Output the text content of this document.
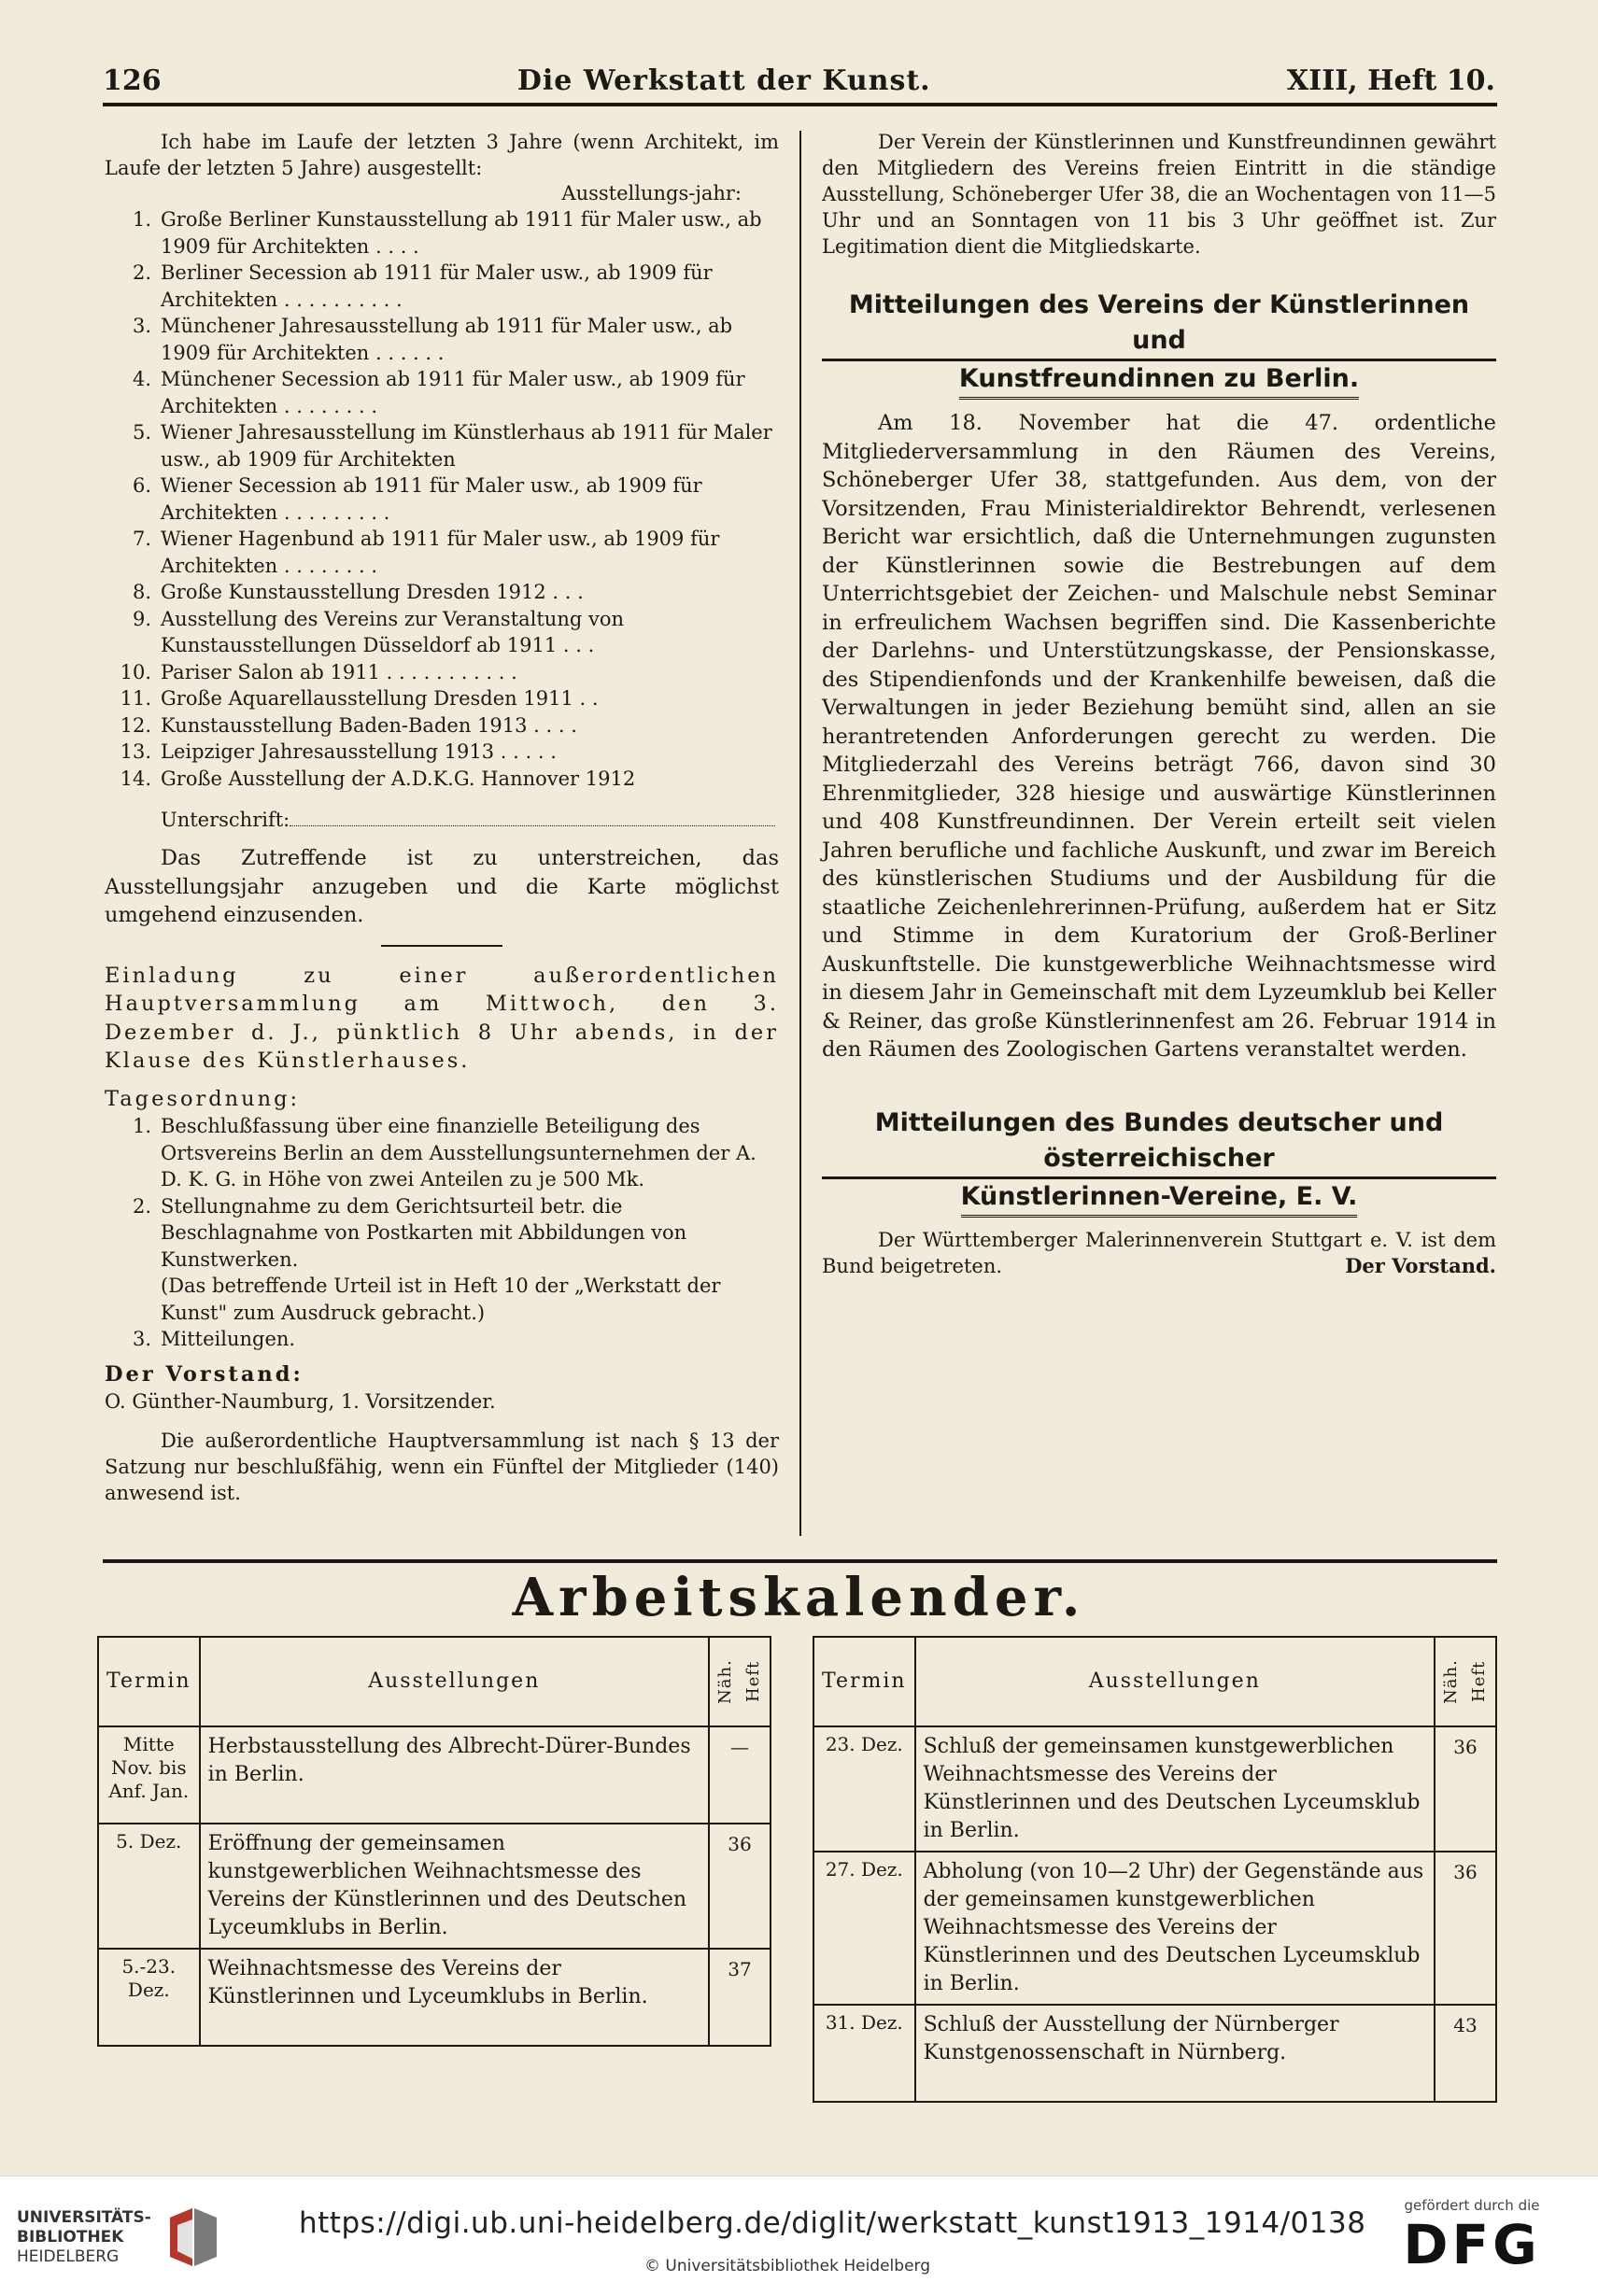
126	Die Werkstatt der Kunst.	XIII, Heft 10.

Ich habe im Laufe der letzten 3 Jahre (wenn Architekt, im Laufe der letzten 5 Jahre) ausgestellt:

Ausstellungs-jahr:
1. Große Berliner Kunstausstellung ab 1911 für Maler usw., ab 1909 für Architekten . . . .
2. Berliner Secession ab 1911 für Maler usw., ab 1909 für Architekten . . . . . . . . . .
3. Münchener Jahresausstellung ab 1911 für Maler usw., ab 1909 für Architekten . . . . . .
4. Münchener Secession ab 1911 für Maler usw., ab 1909 für Architekten . . . . . . . .
5. Wiener Jahresausstellung im Künstlerhaus ab 1911 für Maler usw., ab 1909 für Architekten
6. Wiener Secession ab 1911 für Maler usw., ab 1909 für Architekten . . . . . . . . .
7. Wiener Hagenbund ab 1911 für Maler usw., ab 1909 für Architekten . . . . . . . .
8. Große Kunstausstellung Dresden 1912 . . .
9. Ausstellung des Vereins zur Veranstaltung von Kunstausstellungen Düsseldorf ab 1911 . . .
10. Pariser Salon ab 1911 . . . . . . . . . . .
11. Große Aquarellausstellung Dresden 1911 . .
12. Kunstausstellung Baden-Baden 1913 . . . .
13. Leipziger Jahresausstellung 1913 . . . . .
14. Große Ausstellung der A.D.K.G. Hannover 1912

Unterschrift:

Das Zutreffende ist zu unterstreichen, das Ausstellungsjahr anzugeben und die Karte möglichst umgehend einzusenden.

Einladung zu einer außerordentlichen Hauptversammlung am Mittwoch, den 3. Dezember d. J., pünktlich 8 Uhr abends, in der Klause des Künstlerhauses.

Tagesordnung:

1. Beschlußfassung über eine finanzielle Beteiligung des Ortsvereins Berlin an dem Ausstellungsunternehmen der A. D. K. G. in Höhe von zwei Anteilen zu je 500 Mk.
2. Stellungnahme zu dem Gerichtsurteil betr. die Beschlagnahme von Postkarten mit Abbildungen von Kunstwerken.
(Das betreffende Urteil ist in Heft 10 der „Werkstatt der Kunst" zum Ausdruck gebracht.)
3. Mitteilungen.

Der Vorstand:

O. Günther-Naumburg, 1. Vorsitzender.

Die außerordentliche Hauptversammlung ist nach § 13 der Satzung nur beschlußfähig, wenn ein Fünftel der Mitglieder (140) anwesend ist.

Der Verein der Künstlerinnen und Kunstfreundinnen gewährt den Mitgliedern des Vereins freien Eintritt in die ständige Ausstellung, Schöneberger Ufer 38, die an Wochentagen von 11—5 Uhr und an Sonntagen von 11 bis 3 Uhr geöffnet ist. Zur Legitimation dient die Mitgliedskarte.

Mitteilungen des Vereins der Künstlerinnen und
Kunstfreundinnen zu Berlin.

Am 18. November hat die 47. ordentliche Mitgliederversammlung in den Räumen des Vereins, Schöneberger Ufer 38, stattgefunden. Aus dem, von der Vorsitzenden, Frau Ministerialdirektor Behrendt, verlesenen Bericht war ersichtlich, daß die Unternehmungen zugunsten der Künstlerinnen sowie die Bestrebungen auf dem Unterrichtsgebiet der Zeichen- und Malschule nebst Seminar in erfreulichem Wachsen begriffen sind. Die Kassenberichte der Darlehns- und Unterstützungskasse, der Pensionskasse, des Stipendienfonds und der Krankenhilfe beweisen, daß die Verwaltungen in jeder Beziehung bemüht sind, allen an sie herantretenden Anforderungen gerecht zu werden. Die Mitgliederzahl des Vereins beträgt 766, davon sind 30 Ehrenmitglieder, 328 hiesige und auswärtige Künstlerinnen und 408 Kunstfreundinnen. Der Verein erteilt seit vielen Jahren berufliche und fachliche Auskunft, und zwar im Bereich des künstlerischen Studiums und der Ausbildung für die staatliche Zeichenlehrerinnen-Prüfung, außerdem hat er Sitz und Stimme in dem Kuratorium der Groß-Berliner Auskunftstelle. Die kunstgewerbliche Weihnachtsmesse wird in diesem Jahr in Gemeinschaft mit dem Lyzeumklub bei Keller & Reiner, das große Künstlerinnenfest am 26. Februar 1914 in den Räumen des Zoologischen Gartens veranstaltet werden.

Mitteilungen des Bundes deutscher und österreichischer
Künstlerinnen-Vereine, E. V.

Der Württemberger Malerinnenverein Stuttgart e. V. ist dem Bund beigetreten.	Der Vorstand.

Arbeitskalender.
Termin	Ausstellungen	Näh. Heft
Mitte Nov. bis Anf. Jan.	Herbstausstellung des Albrecht-Dürer-Bundes in Berlin.	—
5. Dez.	Eröffnung der gemeinsamen kunstgewerblichen Weihnachtsmesse des Vereins der Künstlerinnen und des Deutschen Lyceumklubs in Berlin.	36
5.-23. Dez.	Weihnachtsmesse des Vereins der Künstlerinnen und Lyceumklubs in Berlin.	37
Termin	Ausstellungen	Näh. Heft
23. Dez.	Schluß der gemeinsamen kunstgewerblichen Weihnachtsmesse des Vereins der Künstlerinnen und des Deutschen Lyceumsklub in Berlin.	36
27. Dez.	Abholung (von 10—2 Uhr) der Gegenstände aus der gemeinsamen kunstgewerblichen Weihnachtsmesse des Vereins der Künstlerinnen und des Deutschen Lyceumsklub in Berlin.	36
31. Dez.	Schluß der Ausstellung der Nürnberger Kunstgenossenschaft in Nürnberg.	43
UNIVERSITÄTS-
BIBLIOTHEK
HEIDELBERG
https://digi.ub.uni-heidelberg.de/diglit/werkstatt_kunst1913_1914/0138
© Universitätsbibliothek Heidelberg
gefördert durch die
DFG
